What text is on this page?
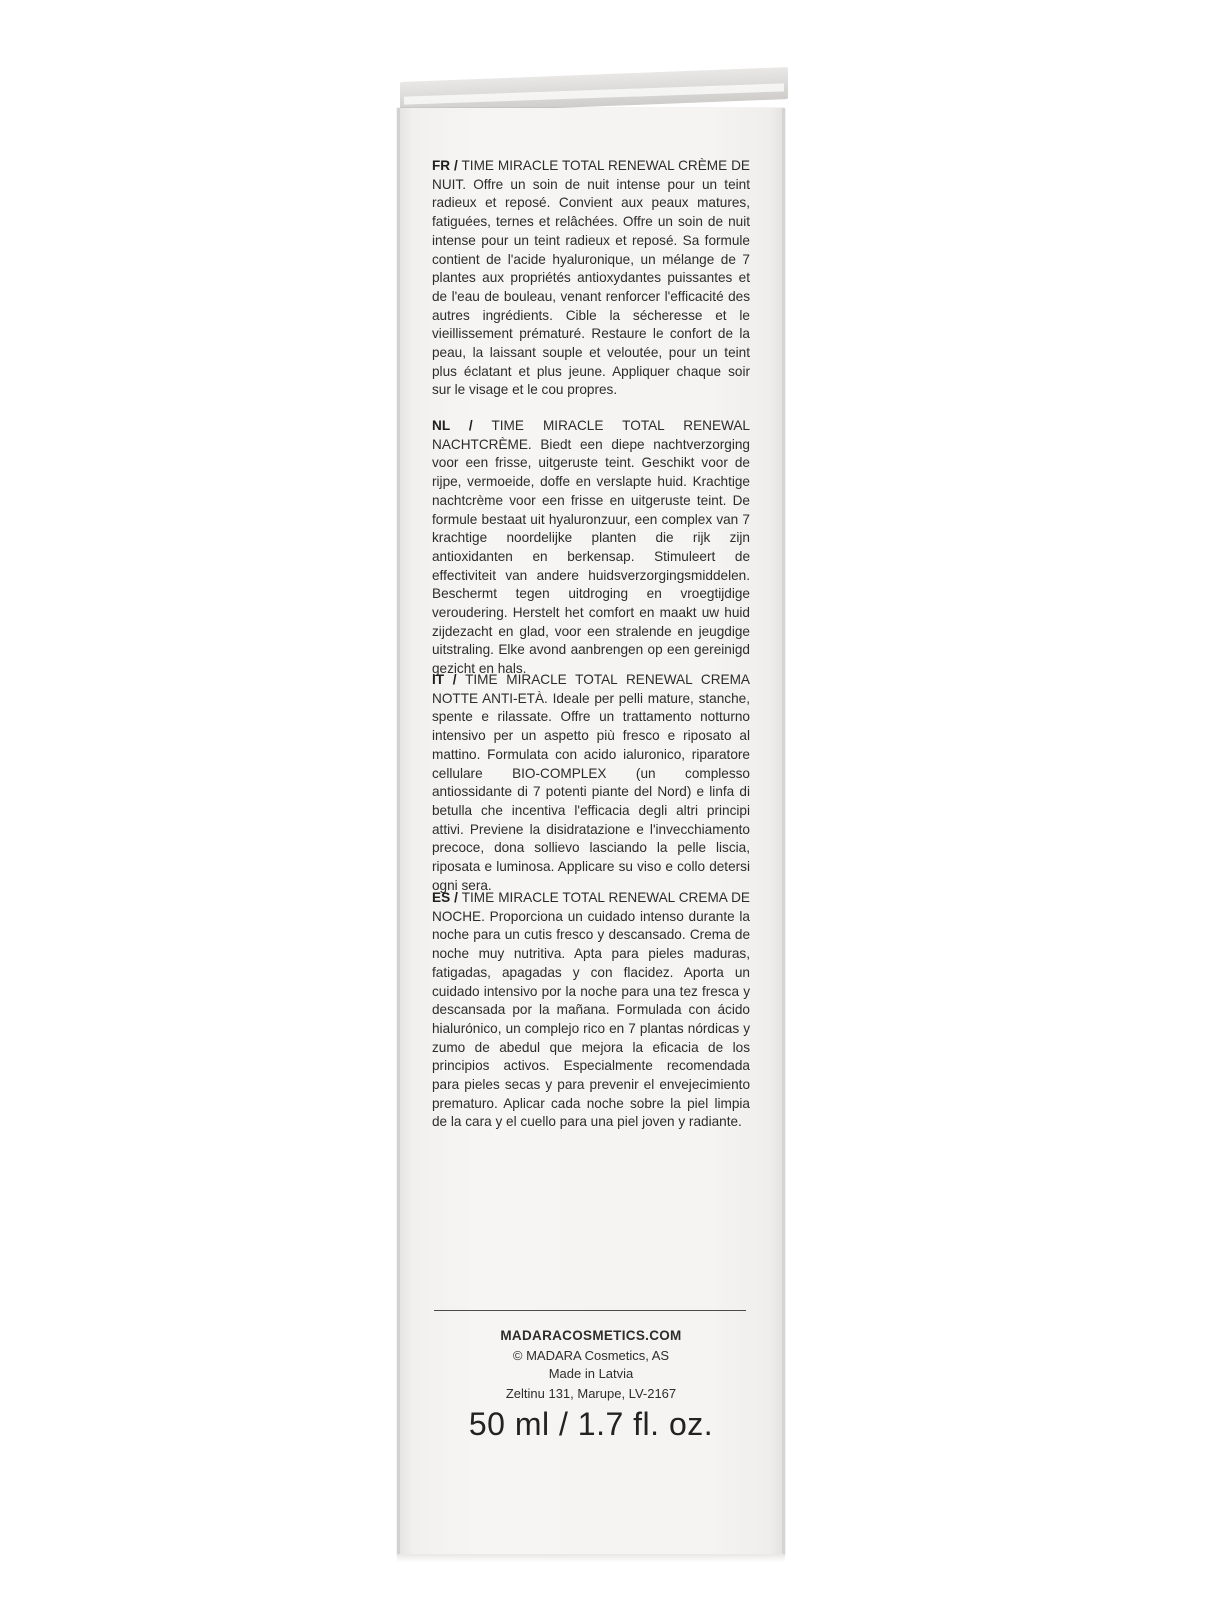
FR / TIME MIRACLE TOTAL RENEWAL CRÈME DE NUIT. Offre un soin de nuit intense pour un teint radieux et reposé. Convient aux peaux matures, fatiguées, ternes et relâchées. Offre un soin de nuit intense pour un teint radieux et reposé. Sa formule contient de l'acide hyaluronique, un mélange de 7 plantes aux propriétés antioxydantes puissantes et de l'eau de bouleau, venant renforcer l'efficacité des autres ingrédients. Cible la sécheresse et le vieillissement prématuré. Restaure le confort de la peau, la laissant souple et veloutée, pour un teint plus éclatant et plus jeune. Appliquer chaque soir sur le visage et le cou propres.
NL / TIME MIRACLE TOTAL RENEWAL NACHTCRÈME. Biedt een diepe nachtverzorging voor een frisse, uitgeruste teint. Geschikt voor de rijpe, vermoeide, doffe en verslapte huid. Krachtige nachtcrème voor een frisse en uitgeruste teint. De formule bestaat uit hyaluronzuur, een complex van 7 krachtige noordelijke planten die rijk zijn antioxidanten en berkensap. Stimuleert de effectiviteit van andere huidsverzorgingsmiddelen. Beschermt tegen uitdroging en vroegtijdige veroudering. Herstelt het comfort en maakt uw huid zijdezacht en glad, voor een stralende en jeugdige uitstraling. Elke avond aanbrengen op een gereinigd gezicht en hals.
IT / TIME MIRACLE TOTAL RENEWAL CREMA NOTTE ANTI-ETÀ. Ideale per pelli mature, stanche, spente e rilassate. Offre un trattamento notturno intensivo per un aspetto più fresco e riposato al mattino. Formulata con acido ialuronico, riparatore cellulare BIO-COMPLEX (un complesso antiossidante di 7 potenti piante del Nord) e linfa di betulla che incentiva l'efficacia degli altri principi attivi. Previene la disidratazione e l'invecchiamento precoce, dona sollievo lasciando la pelle liscia, riposata e luminosa. Applicare su viso e collo detersi ogni sera.
ES / TIME MIRACLE TOTAL RENEWAL CREMA DE NOCHE. Proporciona un cuidado intenso durante la noche para un cutis fresco y descansado. Crema de noche muy nutritiva. Apta para pieles maduras, fatigadas, apagadas y con flacidez. Aporta un cuidado intensivo por la noche para una tez fresca y descansada por la mañana. Formulada con ácido hialurónico, un complejo rico en 7 plantas nórdicas y zumo de abedul que mejora la eficacia de los principios activos. Especialmente recomendada para pieles secas y para prevenir el envejecimiento prematuro. Aplicar cada noche sobre la piel limpia de la cara y el cuello para una piel joven y radiante.
MADARACOSMETICS.COM
© MADARA Cosmetics, AS
Made in Latvia
Zeltinu 131, Marupe, LV-2167
50 ml / 1.7 fl. oz.
